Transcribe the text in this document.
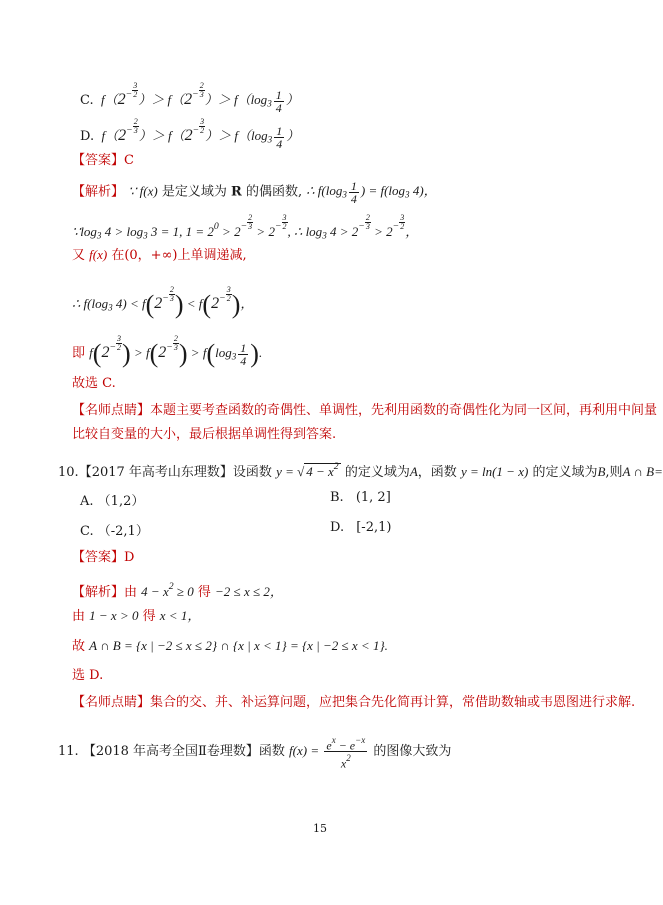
C.  $f(2^- \frac{3}{2}$
）＞ $f(2^- \frac{2}{3}$
）＞ $f(\log_3 \frac{1}{4}$ ）
D.  $f(2^- \frac{2}{3}$
）＞ $f(2^- \frac{3}{2}$
）＞ $f(\log_3 \frac{1}{4}$ ）
【答案】C
【解析】 ∵ f(x) 是定义域为 R 的偶函数, ∴ $f(\log_3 \frac{1}{4}$ ) = $f(\log_3$ 4)，
$\because\log_3$ $4 > \log_3 3 = 1$, $1 = 2^0 > 2^- \frac{2}{3}$
> $2^- \frac{3}{2}$
, ∴ $\log_3 4 > 2^- \frac{2}{3}$
> $2^- \frac{3}{2}$
，
又 f(x) 在(0，+∞)上单调递减,
∴ $f(\log_3$ $4) < f(2^- \frac{2}{3}$ ) < $f(2^- \frac{3}{2}$ )，
即 $f(2^- \frac{3}{2}$ ) > $f(2^- \frac{2}{3}$ ) > $f(\log_3 \frac{1}{4}$ ).
故选 C.
【名师点睛】本题主要考查函数的奇偶性、单调性，先利用函数的奇偶性化为同一区间，再利用中间量
比较自变量的大小，最后根据单调性得到答案.
10.【2017 年高考山东理数】设函数 y = √ $4 - x^2$ 的定义域为A，函数 y = ln(1 − x) 的定义域为B,则A ∩ B=
A. （1,2）	B. (1, 2]
C. （-2,1）	D. [-2,1)
【答案】D
【解析】由 $4 - x^2 \ge 0$ 得 −2 ≤ x ≤ 2，
由 1 − x > 0 得 x < 1，
故 A ∩ B = {x | −2 ≤ x ≤ 2} ∩ {x | x < 1} = {x | −2 ≤ x < 1}.
选 D.
【名师点睛】集合的交、并、补运算问题，应把集合先化简再计算，常借助数轴或韦恩图进行求解.
11. 【2018 年高考全国Ⅱ卷理数】函数 $f(x) = \frac{e^x - e^{-x}}{x^2}$ 的图像大致为
15
